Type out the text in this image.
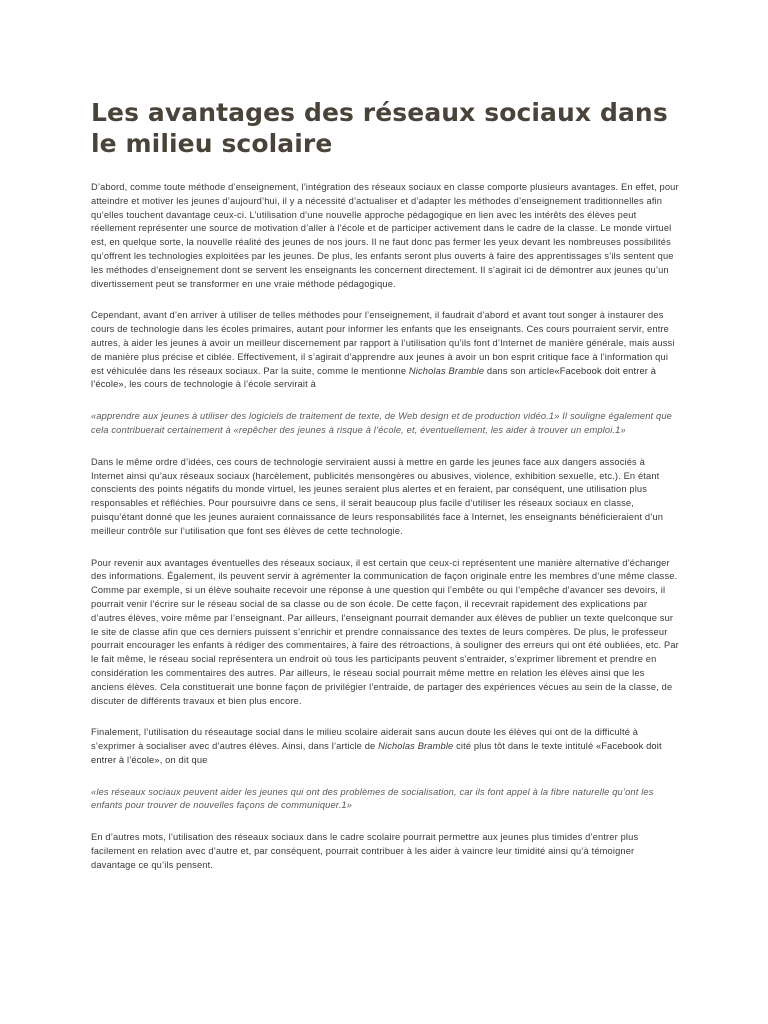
Les avantages des réseaux sociaux dans le milieu scolaire

D’abord, comme toute méthode d’enseignement, l’intégration des réseaux sociaux en classe comporte plusieurs avantages. En effet, pour atteindre et motiver les jeunes d’aujourd’hui, il y a nécessité d’actualiser et d’adapter les méthodes d’enseignement traditionnelles afin qu’elles touchent davantage ceux-ci. L’utilisation d’une nouvelle approche pédagogique en lien avec les intérêts des élèves peut réellement représenter une source de motivation d’aller à l’école et de participer activement dans le cadre de la classe. Le monde virtuel est, en quelque sorte, la nouvelle réalité des jeunes de nos jours. Il ne faut donc pas fermer les yeux devant les nombreuses possibilités qu’offrent les technologies exploitées par les jeunes. De plus, les enfants seront plus ouverts à faire des apprentissages s’ils sentent que les méthodes d’enseignement dont se servent les enseignants les concernent directement. Il s’agirait ici de démontrer aux jeunes qu’un divertissement peut se transformer en une vraie méthode pédagogique.

Cependant, avant d’en arriver à utiliser de telles méthodes pour l’enseignement, il faudrait d’abord et avant tout songer à instaurer des cours de technologie dans les écoles primaires, autant pour informer les enfants que les enseignants. Ces cours pourraient servir, entre autres, à aider les jeunes à avoir un meilleur discernement par rapport à l’utilisation qu’ils font d’Internet de manière générale, mais aussi de manière plus précise et ciblée. Effectivement, il s’agirait d’apprendre aux jeunes à avoir un bon esprit critique face à l’information qui est véhiculée dans les réseaux sociaux. Par la suite, comme le mentionne Nicholas Bramble dans son article«Facebook doit entrer à l’école», les cours de technologie à l’école servirait à

«apprendre aux jeunes à utiliser des logiciels de traitement de texte, de Web design et de production vidéo.1» Il souligne également que cela contribuerait certainement à «repêcher des jeunes à risque à l’école, et, éventuellement, les aider à trouver un emploi.1»

Dans le même ordre d’idées, ces cours de technologie serviraient aussi à mettre en garde les jeunes face aux dangers associés à Internet ainsi qu’aux réseaux sociaux (harcèlement, publicités mensongères ou abusives, violence, exhibition sexuelle, etc.). En étant conscients des points négatifs du monde virtuel, les jeunes seraient plus alertes et en feraient, par conséquent, une utilisation plus responsables et réfléchies. Pour poursuivre dans ce sens, il serait beaucoup plus facile d’utiliser les réseaux sociaux en classe, puisqu’étant donné que les jeunes auraient connaissance de leurs responsabilités face à Internet, les enseignants bénéficieraient d’un meilleur contrôle sur l’utilisation que font ses élèves de cette technologie.

Pour revenir aux avantages éventuelles des réseaux sociaux, il est certain que ceux-ci représentent une manière alternative d’échanger des informations. Également, ils peuvent servir à agrémenter la communication de façon originale entre les membres d’une même classe. Comme par exemple, si un élève souhaite recevoir une réponse à une question qui l’embête ou qui l’empêche d’avancer ses devoirs, il pourrait venir l’écrire sur le réseau social de sa classe ou de son école. De cette façon, il recevrait rapidement des explications par d’autres élèves, voire même par l’enseignant. Par ailleurs, l’enseignant pourrait demander aux élèves de publier un texte quelconque sur le site de classe afin que ces derniers puissent s’enrichir et prendre connaissance des textes de leurs compères. De plus, le professeur pourrait encourager les enfants à rédiger des commentaires, à faire des rétroactions, à souligner des erreurs qui ont été oubliées, etc. Par le fait même, le réseau social représentera un endroit où tous les participants peuvent s’entraider, s’exprimer librement et prendre en considération les commentaires des autres. Par ailleurs, le réseau social pourrait même mettre en relation les élèves ainsi que les anciens élèves. Cela constituerait une bonne façon de privilégier l’entraide, de partager des expériences vécues au sein de la classe, de discuter de différents travaux et bien plus encore.

Finalement, l’utilisation du réseautage social dans le milieu scolaire aiderait sans aucun doute les élèves qui ont de la difficulté à s’exprimer à socialiser avec d’autres élèves. Ainsi, dans l’article de Nicholas Bramble cité plus tôt dans le texte intitulé «Facebook doit entrer à l’école», on dit que

«les réseaux sociaux peuvent aider les jeunes qui ont des problèmes de socialisation, car ils font appel à la fibre naturelle qu’ont les enfants pour trouver de nouvelles façons de communiquer.1»

En d’autres mots, l’utilisation des réseaux sociaux dans le cadre scolaire pourrait permettre aux jeunes plus timides d’entrer plus facilement en relation avec d’autre et, par conséquent, pourrait contribuer à les aider à vaincre leur timidité ainsi qu’à témoigner davantage ce qu’ils pensent.
